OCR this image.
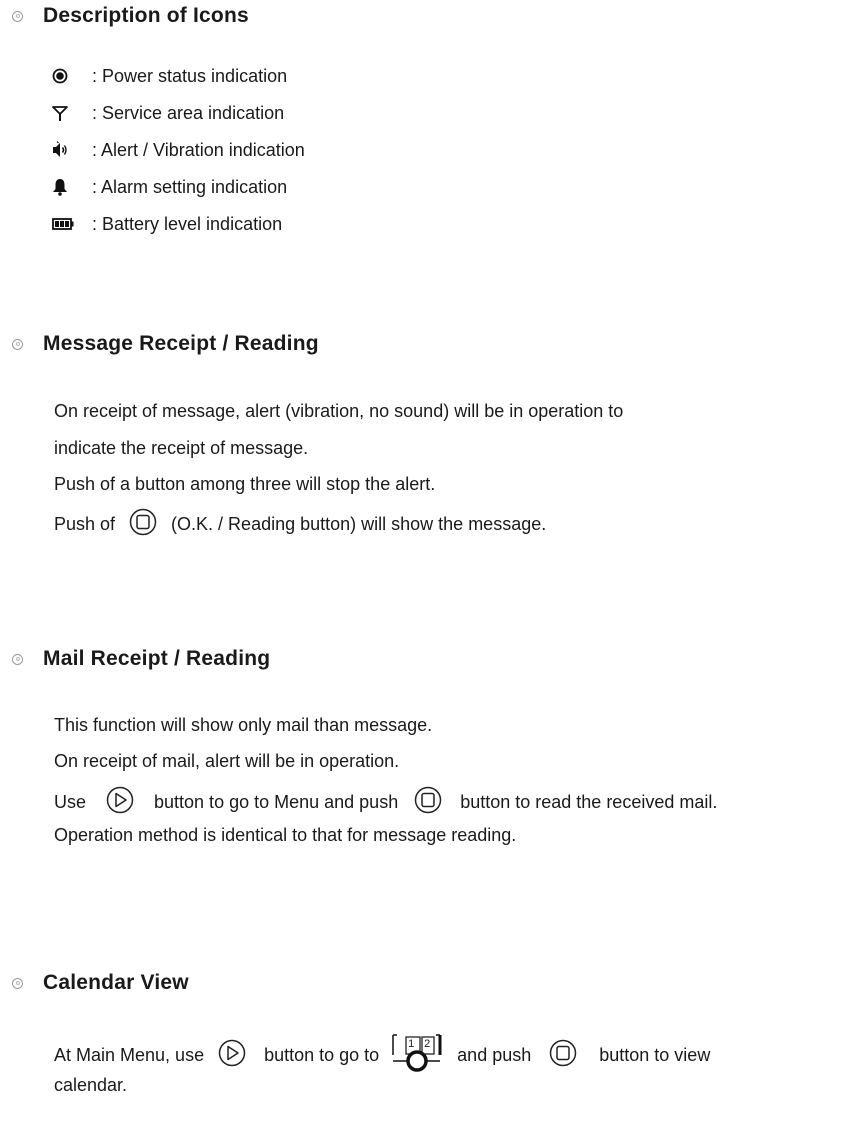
Description of Icons
: Power status indication
: Service area indication
: Alert / Vibration indication
: Alarm setting indication
: Battery level indication
Message Receipt / Reading
On receipt of message, alert (vibration, no sound) will be in operation to
indicate the receipt of message.
Push of a button among three will stop the alert.
Push of	(O.K. / Reading button) will show the message.
Mail Receipt / Reading
This function will show only mail than message.
On receipt of mail, alert will be in operation.
Use	button to go to Menu and push	button to read the received mail.
Operation method is identical to that for message reading.
Calendar View
At Main Menu, use	button to go to
1 2
and push	button to view
calendar.
